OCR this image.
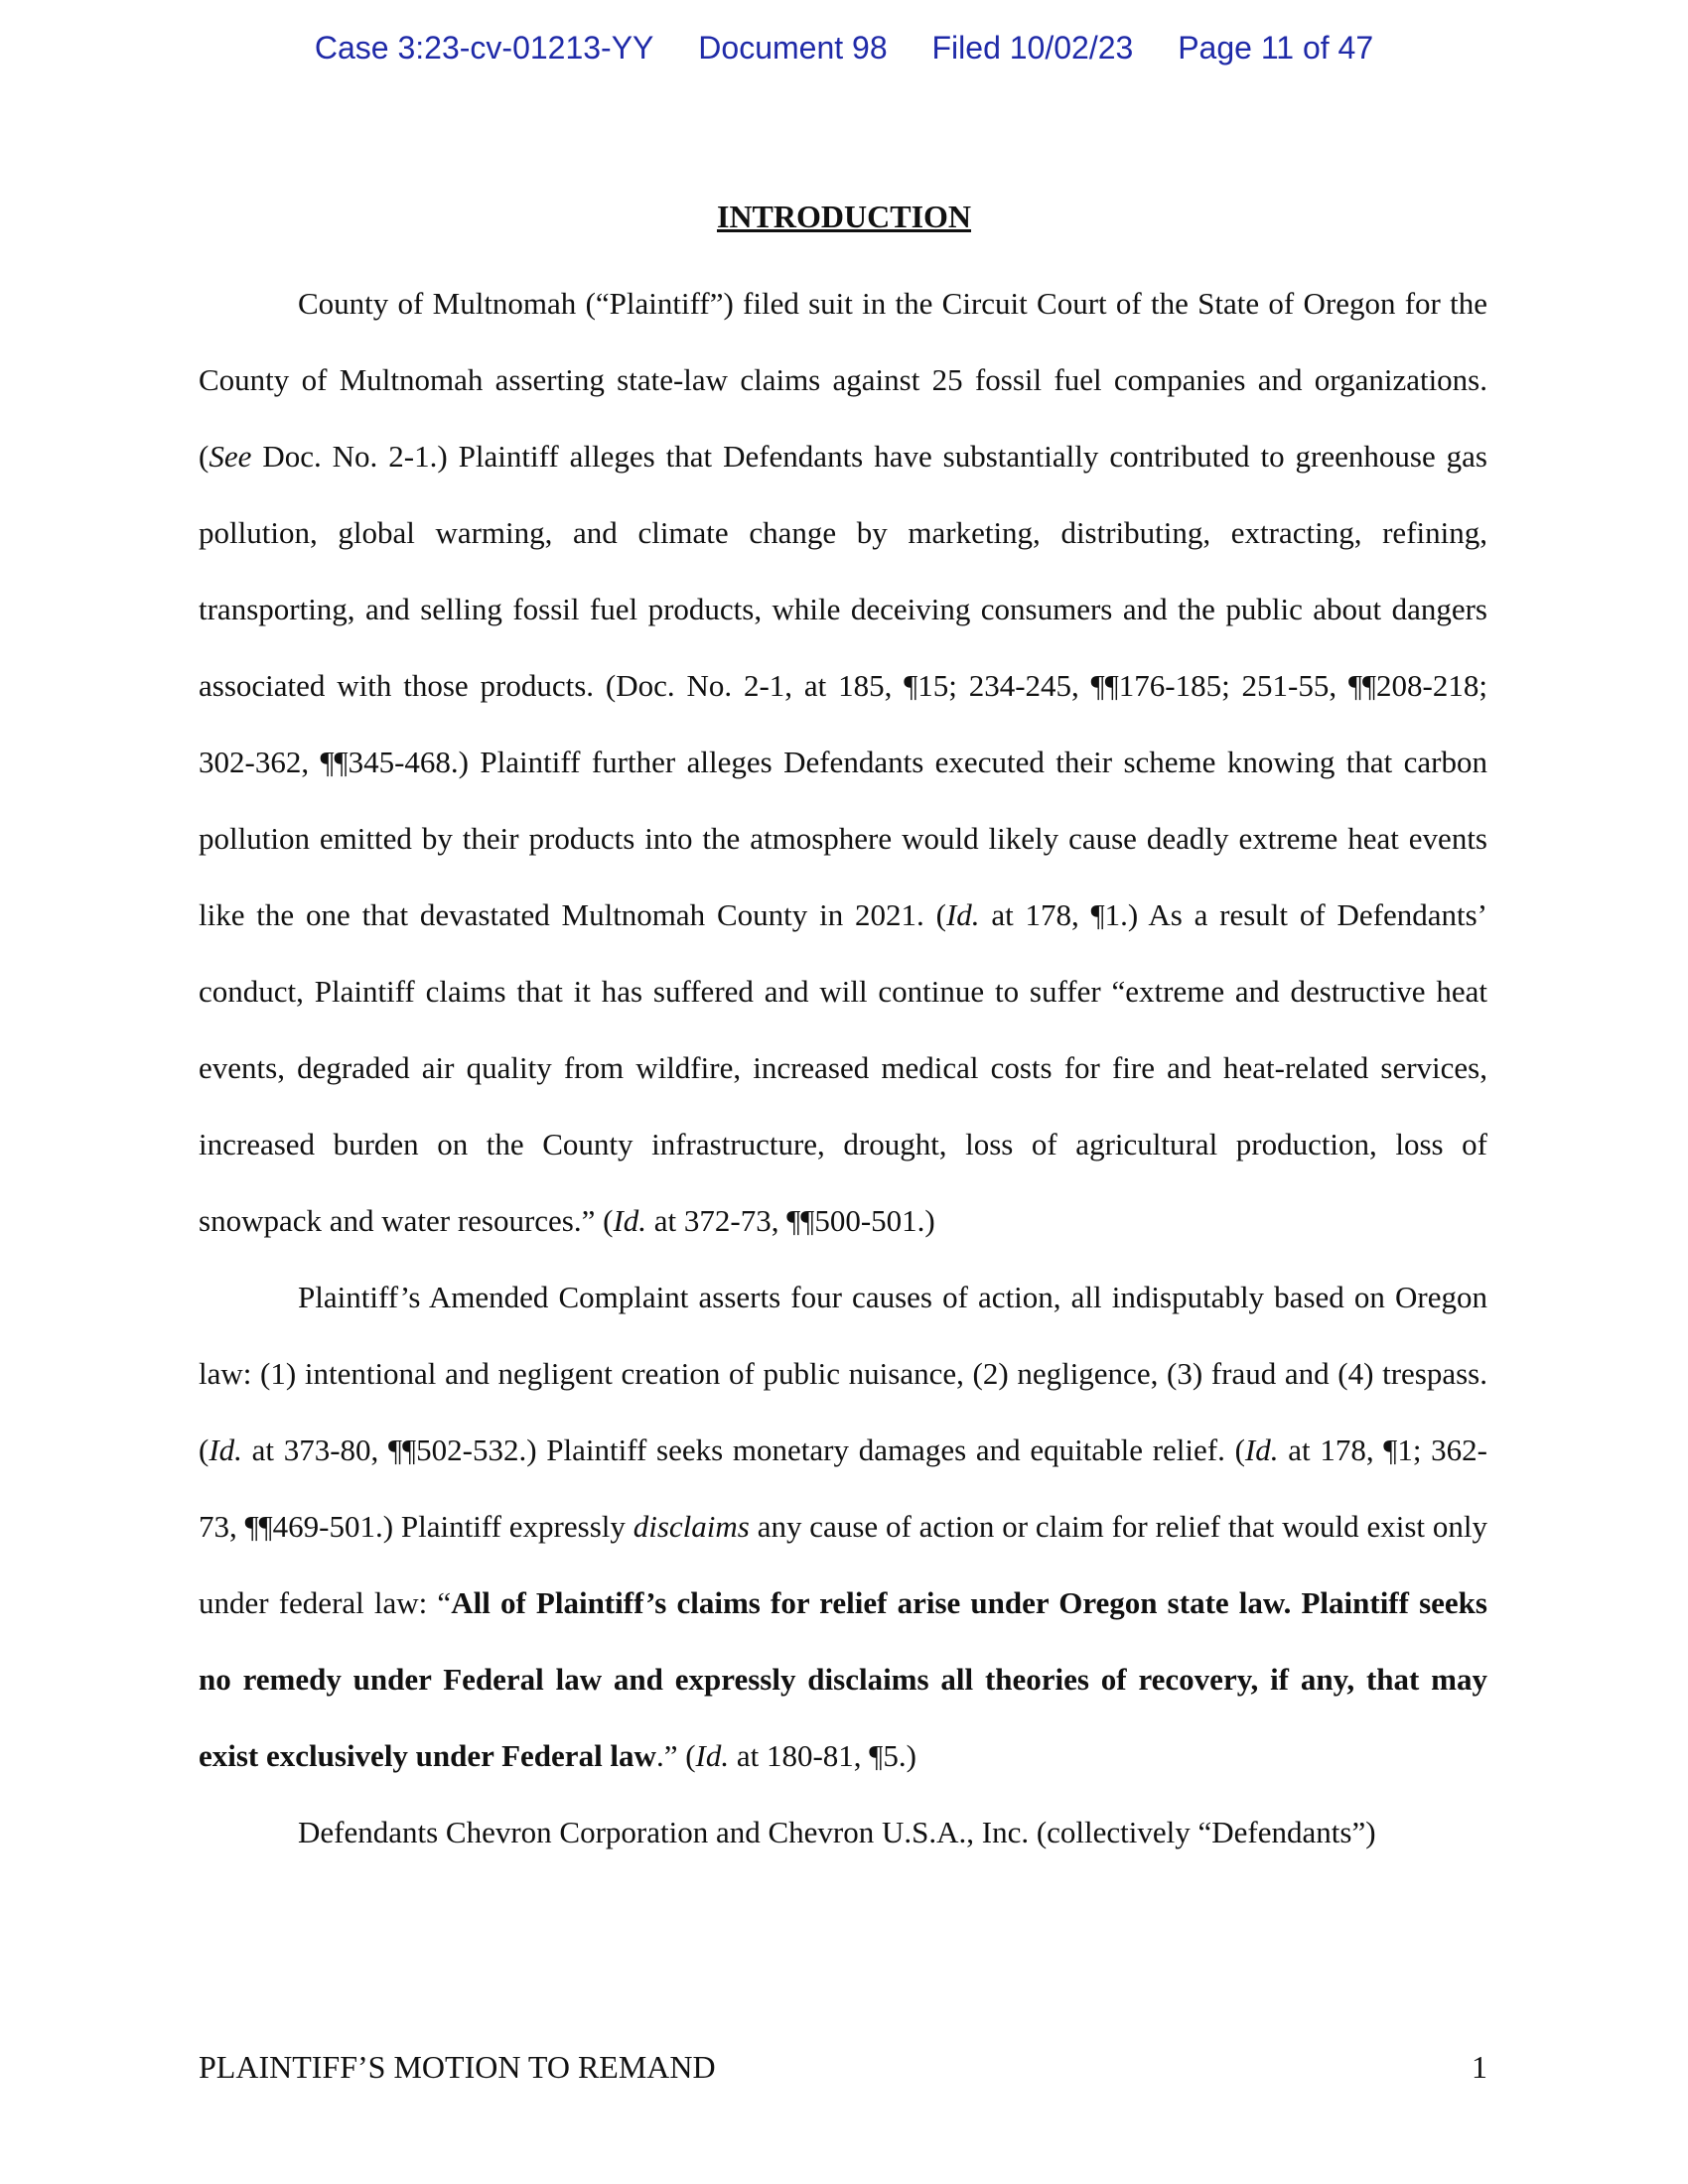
Case 3:23-cv-01213-YY Document 98 Filed 10/02/23 Page 11 of 47
INTRODUCTION

County of Multnomah (“Plaintiff”) filed suit in the Circuit Court of the State of Oregon for the County of Multnomah asserting state-law claims against 25 fossil fuel companies and organizations. (See Doc. No. 2-1.) Plaintiff alleges that Defendants have substantially contributed to greenhouse gas pollution, global warming, and climate change by marketing, distributing, extracting, refining, transporting, and selling fossil fuel products, while deceiving consumers and the public about dangers associated with those products. (Doc. No. 2-1, at 185, ¶15; 234-245, ¶¶176-185; 251-55, ¶¶208-218; 302-362, ¶¶345-468.) Plaintiff further alleges Defendants executed their scheme knowing that carbon pollution emitted by their products into the atmosphere would likely cause deadly extreme heat events like the one that devastated Multnomah County in 2021. (Id. at 178, ¶1.) As a result of Defendants’ conduct, Plaintiff claims that it has suffered and will continue to suffer “extreme and destructive heat events, degraded air quality from wildfire, increased medical costs for fire and heat-related services, increased burden on the County infrastructure, drought, loss of agricultural production, loss of snowpack and water resources.” (Id. at 372-73, ¶¶500-501.)

Plaintiff’s Amended Complaint asserts four causes of action, all indisputably based on Oregon law: (1) intentional and negligent creation of public nuisance, (2) negligence, (3) fraud and (4) trespass. (Id. at 373-80, ¶¶502-532.) Plaintiff seeks monetary damages and equitable relief. (Id. at 178, ¶1; 362-73, ¶¶469-501.) Plaintiff expressly disclaims any cause of action or claim for relief that would exist only under federal law: “All of Plaintiff’s claims for relief arise under Oregon state law. Plaintiff seeks no remedy under Federal law and expressly disclaims all theories of recovery, if any, that may exist exclusively under Federal law.” (Id. at 180-81, ¶5.)

Defendants Chevron Corporation and Chevron U.S.A., Inc. (collectively “Defendants”)

PLAINTIFF’S MOTION TO REMAND	1
